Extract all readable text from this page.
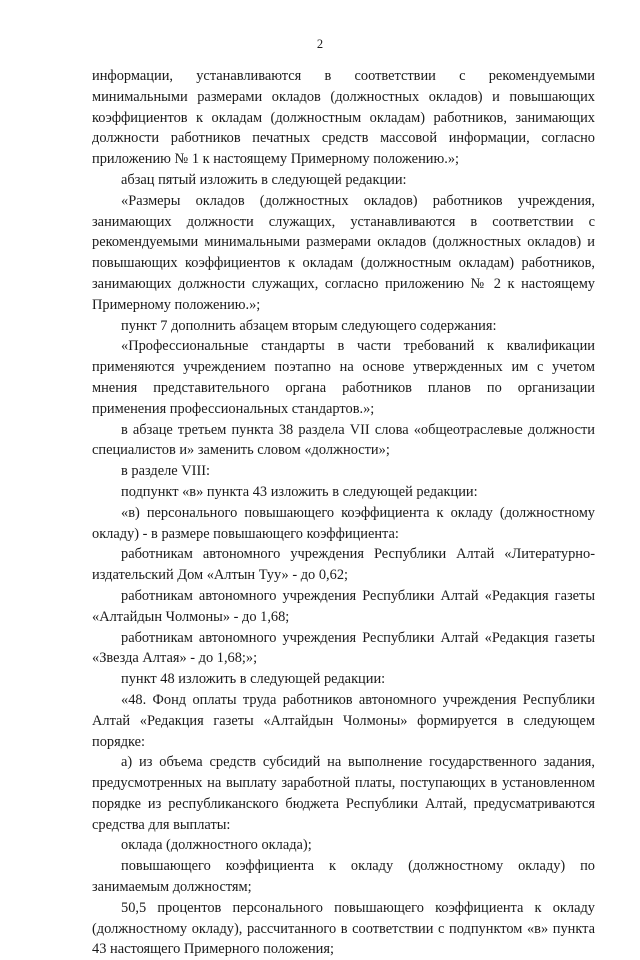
2

информации, устанавливаются в соответствии с рекомендуемыми минимальными размерами окладов (должностных окладов) и повышающих коэффициентов к окладам (должностным окладам) работников, занимающих должности работников печатных средств массовой информации, согласно приложению № 1 к настоящему Примерному положению.»;

абзац пятый изложить в следующей редакции:

«Размеры окладов (должностных окладов) работников учреждения, занимающих должности служащих, устанавливаются в соответствии с рекомендуемыми минимальными размерами окладов (должностных окладов) и повышающих коэффициентов к окладам (должностным окладам) работников, занимающих должности служащих, согласно приложению № 2 к настоящему Примерному положению.»;

пункт 7 дополнить абзацем вторым следующего содержания:

«Профессиональные стандарты в части требований к квалификации применяются учреждением поэтапно на основе утвержденных им с учетом мнения представительного органа работников планов по организации применения профессиональных стандартов.»;

в абзаце третьем пункта 38 раздела VII слова «общеотраслевые должности специалистов и» заменить словом «должности»;

в разделе VIII:

подпункт «в» пункта 43 изложить в следующей редакции:

«в) персонального повышающего коэффициента к окладу (должностному окладу) - в размере повышающего коэффициента:

работникам автономного учреждения Республики Алтай «Литературно-издательский Дом «Алтын Туу» - до 0,62;

работникам автономного учреждения Республики Алтай «Редакция газеты «Алтайдын Чолмоны» - до 1,68;

работникам автономного учреждения Республики Алтай «Редакция газеты «Звезда Алтая» - до 1,68;»;

пункт 48 изложить в следующей редакции:

«48. Фонд оплаты труда работников автономного учреждения Республики Алтай «Редакция газеты «Алтайдын Чолмоны» формируется в следующем порядке:

а) из объема средств субсидий на выполнение государственного задания, предусмотренных на выплату заработной платы, поступающих в установленном порядке из республиканского бюджета Республики Алтай, предусматриваются средства для выплаты:

оклада (должностного оклада);

повышающего коэффициента к окладу (должностному окладу) по занимаемым должностям;

50,5 процентов персонального повышающего коэффициента к окладу (должностному окладу), рассчитанного в соответствии с подпунктом «в» пункта 43 настоящего Примерного положения;
